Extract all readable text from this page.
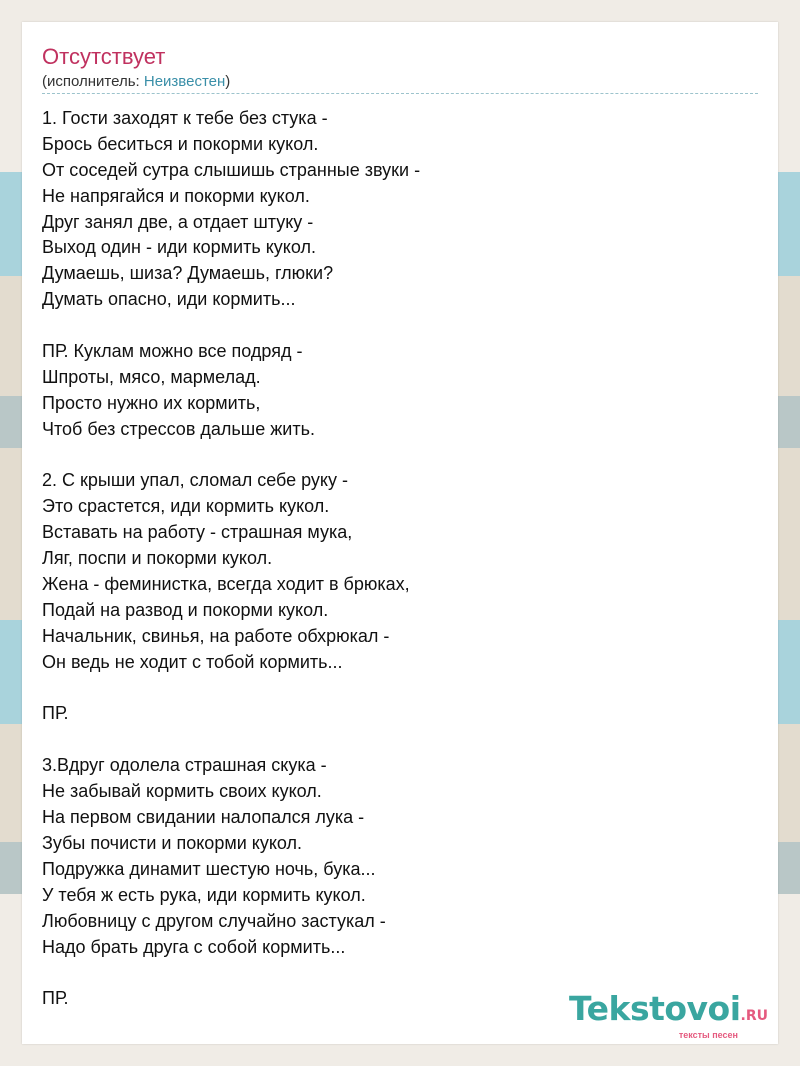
Отсутствует
(исполнитель: Неизвестен)
1. Гости заходят к тебе без стука -
Брось беситься и покорми кукол.
От соседей сутра слышишь странные звуки -
Не напрягайся и покорми кукол.
Друг занял две, а отдает штуку -
Выход один - иди кормить кукол.
Думаешь, шиза? Думаешь, глюки?
Думать опасно, иди кормить...
ПР. Куклам можно все подряд -
Шпроты, мясо, мармелад.
Просто нужно их кормить,
Чтоб без стрессов дальше жить.
2. С крыши упал, сломал себе руку -
Это срастется, иди кормить кукол.
Вставать на работу - страшная мука,
Ляг, поспи и покорми кукол.
Жена - феминистка, всегда ходит в брюках,
Подай на развод и покорми кукол.
Начальник, свинья, на работе обхрюкал -
Он ведь не ходит с тобой кормить...
ПР.
3.Вдруг одолела страшная скука -
Не забывай кормить своих кукол.
На первом свидании налопался лука -
Зубы почисти и покорми кукол.
Подружка динамит шестую ночь, бука...
У тебя ж есть рука, иди кормить кукол.
Любовницу с другом случайно застукал -
Надо брать друга с собой кормить...
ПР.	Tekstovoi.RU
тексты песен
